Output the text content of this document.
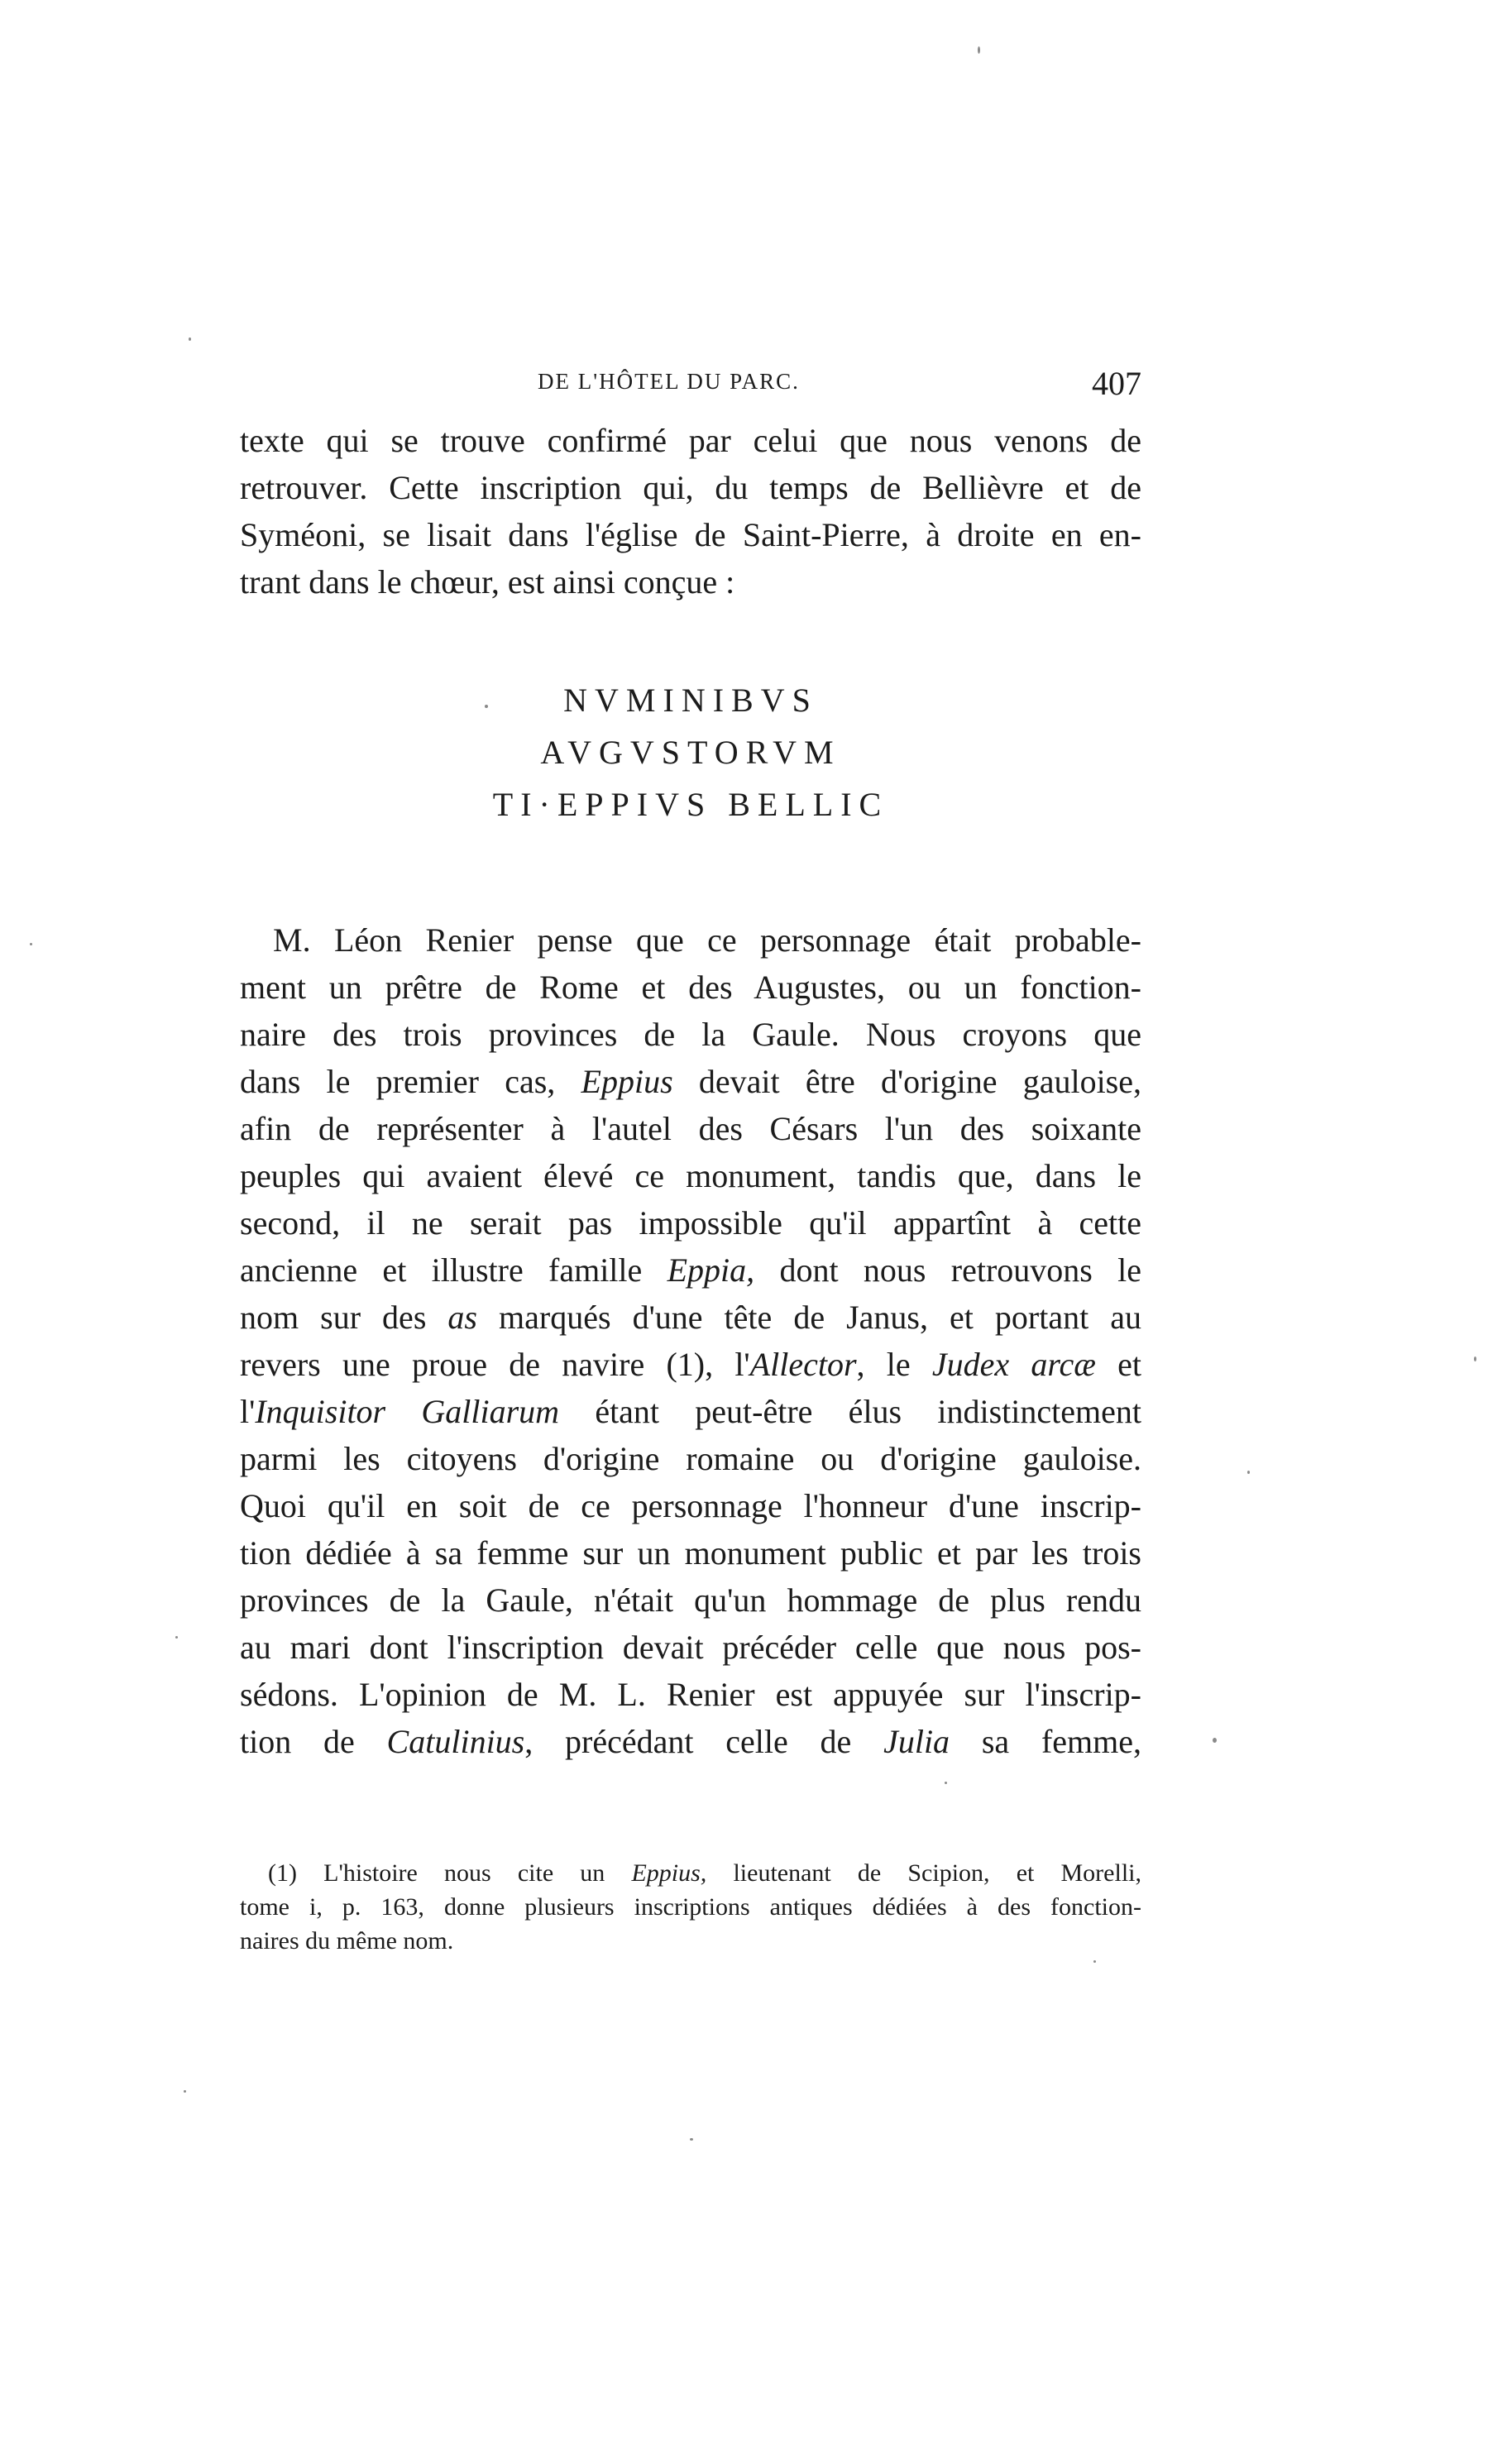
DE L'HÔTEL DU PARC.	407
texte qui se trouve confirmé par celui que nous venons de
retrouver. Cette inscription qui, du temps de Bellièvre et de
Syméoni, se lisait dans l'église de Saint-Pierre, à droite en en-
trant dans le chœur, est ainsi conçue :
NVMINIBVS
AVGVSTORVM
TI·EPPIVS BELLIC
M. Léon Renier pense que ce personnage était probable-
ment un prêtre de Rome et des Augustes, ou un fonction-
naire des trois provinces de la Gaule. Nous croyons que
dans le premier cas, Eppius devait être d'origine gauloise,
afin de représenter à l'autel des Césars l'un des soixante
peuples qui avaient élevé ce monument, tandis que, dans le
second, il ne serait pas impossible qu'il appartînt à cette
ancienne et illustre famille Eppia, dont nous retrouvons le
nom sur des as marqués d'une tête de Janus, et portant au
revers une proue de navire (1), l'Allector, le Judex arcæ et
l'Inquisitor Galliarum étant peut-être élus indistinctement
parmi les citoyens d'origine romaine ou d'origine gauloise.
Quoi qu'il en soit de ce personnage l'honneur d'une inscrip-
tion dédiée à sa femme sur un monument public et par les trois
provinces de la Gaule, n'était qu'un hommage de plus rendu
au mari dont l'inscription devait précéder celle que nous pos-
sédons. L'opinion de M. L. Renier est appuyée sur l'inscrip-
tion de Catulinius, précédant celle de Julia sa femme,
(1) L'histoire nous cite un Eppius, lieutenant de Scipion, et Morelli,
tome i, p. 163, donne plusieurs inscriptions antiques dédiées à des fonction-
naires du même nom.
